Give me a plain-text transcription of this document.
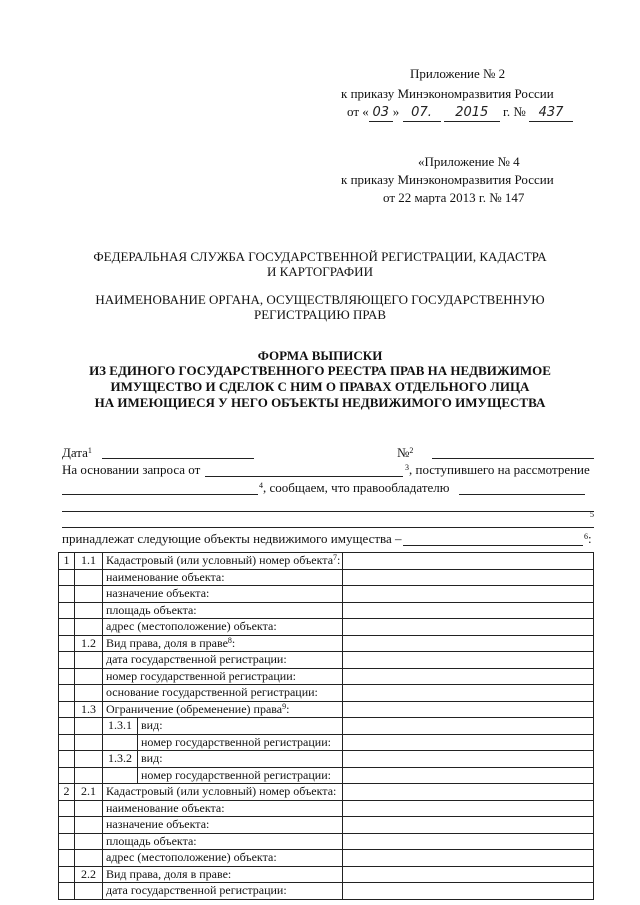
Приложение № 2
к приказу Минэкономразвития России
от « 03 » 07. 2015 г. № 437
«Приложение № 4
к приказу Минэкономразвития России
от 22 марта 2013 г. № 147
ФЕДЕРАЛЬНАЯ СЛУЖБА ГОСУДАРСТВЕННОЙ РЕГИСТРАЦИИ, КАДАСТРА
И КАРТОГРАФИИ
НАИМЕНОВАНИЕ ОРГАНА, ОСУЩЕСТВЛЯЮЩЕГО ГОСУДАРСТВЕННУЮ
РЕГИСТРАЦИЮ ПРАВ
ФОРМА ВЫПИСКИ
ИЗ ЕДИНОГО ГОСУДАРСТВЕННОГО РЕЕСТРА ПРАВ НА НЕДВИЖИМОЕ
ИМУЩЕСТВО И СДЕЛОК С НИМ О ПРАВАХ ОТДЕЛЬНОГО ЛИЦА
НА ИМЕЮЩИЕСЯ У НЕГО ОБЪЕКТЫ НЕДВИЖИМОГО ИМУЩЕСТВА
Дата$^1$	№$^2$
На основании запроса от	$^3$, поступившего на рассмотрение
$^4$, сообщаем, что правообладателю
5
принадлежат следующие объекты недвижимого имущества –	$^6$:
1	1.1	Кадастровый (или условный) номер объекта$^7$:		
		наименование объекта:		
		назначение объекта:		
		площадь объекта:		
		адрес (местоположение) объекта:		
	1.2	Вид права, доля в праве$^8$:		
		дата государственной регистрации:		
		номер государственной регистрации:		
		основание государственной регистрации:		
	1.3	Ограничение (обременение) права$^9$:		
		1.3.1	вид:	
			номер государственной регистрации:	
		1.3.2	вид:	
			номер государственной регистрации:	
2	2.1	Кадастровый (или условный) номер объекта:		
		наименование объекта:		
		назначение объекта:		
		площадь объекта:		
		адрес (местоположение) объекта:		
	2.2	Вид права, доля в праве:		
		дата государственной регистрации:		
